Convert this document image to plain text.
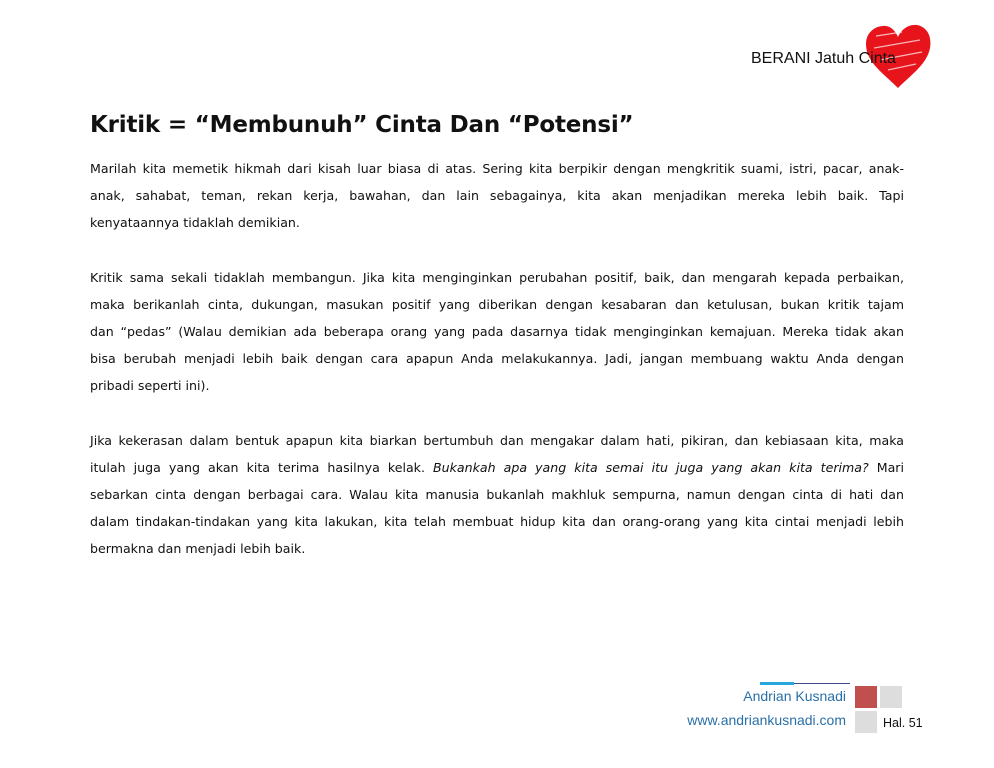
BERANI Jatuh Cinta
Kritik = “Membunuh” Cinta Dan “Potensi”
Marilah kita memetik hikmah dari kisah luar biasa di atas. Sering kita berpikir dengan mengkritik suami, istri, pacar, anak-
anak, sahabat, teman, rekan kerja, bawahan, dan lain sebagainya, kita akan menjadikan mereka lebih baik. Tapi
kenyataannya tidaklah demikian.
Kritik sama sekali tidaklah membangun. Jika kita menginginkan perubahan positif, baik, dan mengarah kepada perbaikan,
maka berikanlah cinta, dukungan, masukan positif yang diberikan dengan kesabaran dan ketulusan, bukan kritik tajam
dan “pedas” (Walau demikian ada beberapa orang yang pada dasarnya tidak menginginkan kemajuan. Mereka tidak akan
bisa berubah menjadi lebih baik dengan cara apapun Anda melakukannya. Jadi, jangan membuang waktu Anda dengan
pribadi seperti ini).
Jika kekerasan dalam bentuk apapun kita biarkan bertumbuh dan mengakar dalam hati, pikiran, dan kebiasaan kita, maka
itulah juga yang akan kita terima hasilnya kelak. Bukankah apa yang kita semai itu juga yang akan kita terima? Mari
sebarkan cinta dengan berbagai cara. Walau kita manusia bukanlah makhluk sempurna, namun dengan cinta di hati dan
dalam tindakan-tindakan yang kita lakukan, kita telah membuat hidup kita dan orang-orang yang kita cintai menjadi lebih
bermakna dan menjadi lebih baik.
Andrian Kusnadi
www.andriankusnadi.com	Hal. 51
